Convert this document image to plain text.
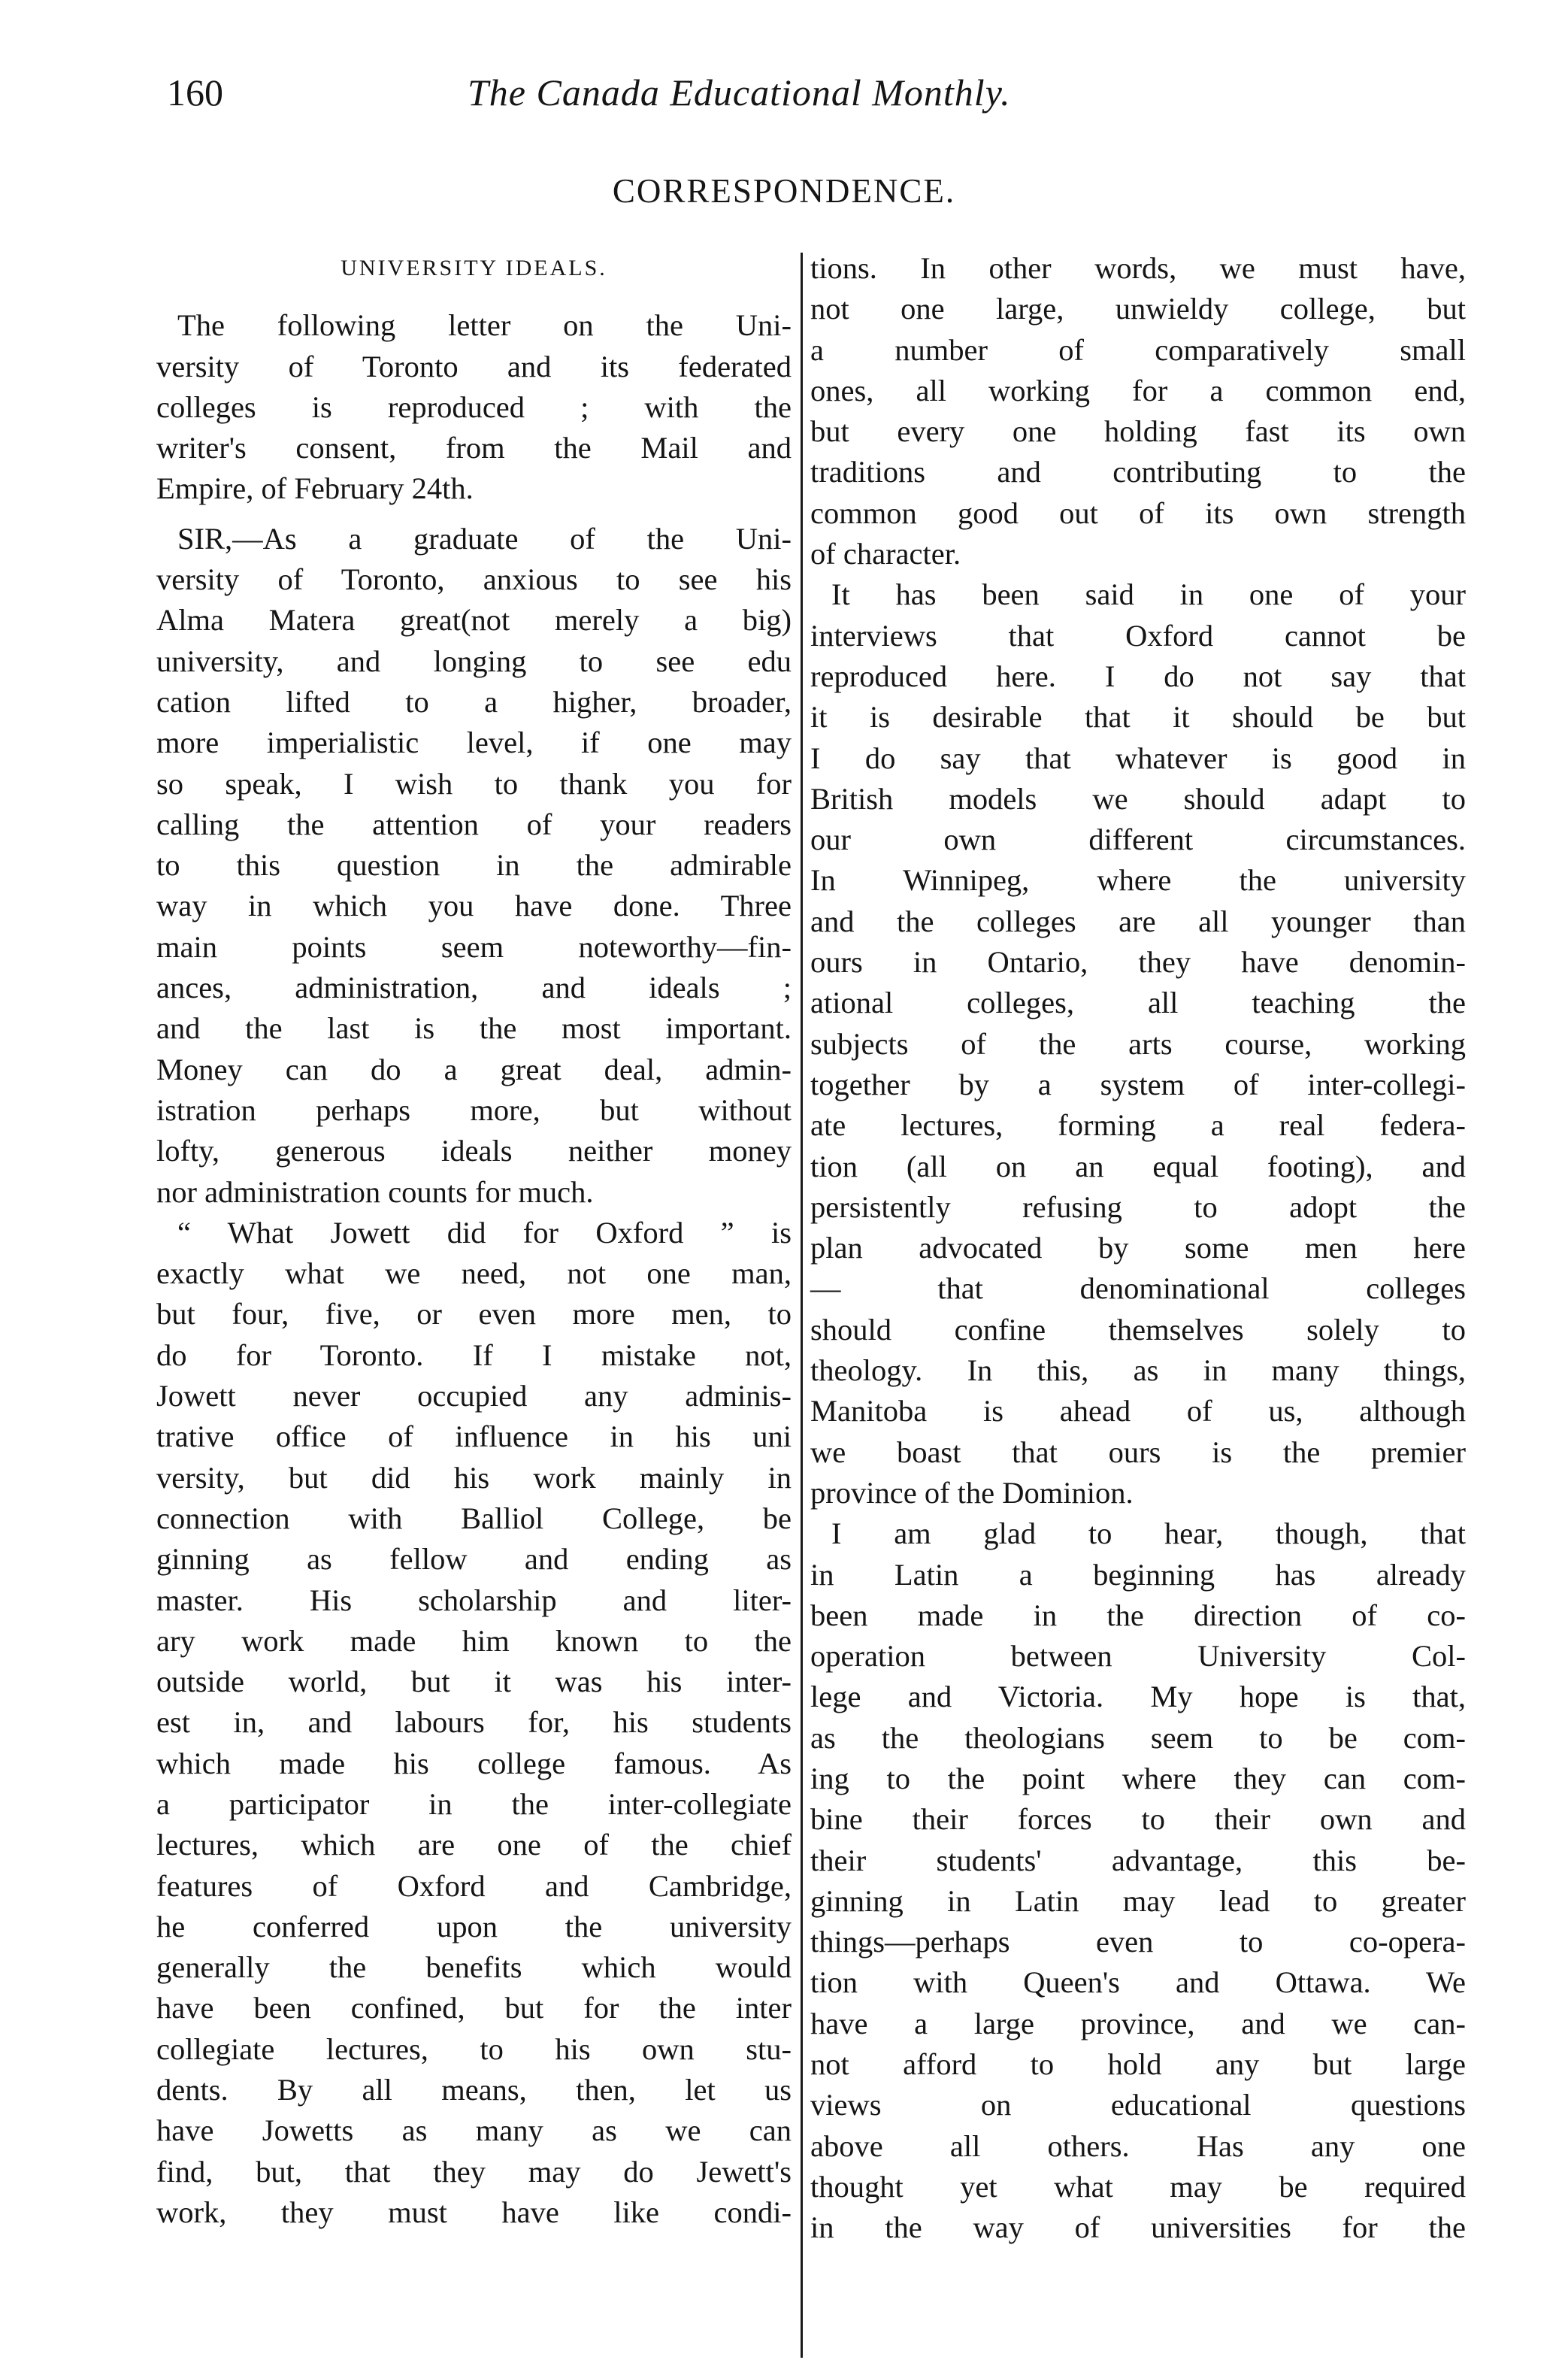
160	The Canada Educational Monthly.
CORRESPONDENCE.
UNIVERSITY IDEALS.
The following letter on the Uni-
versity of Toronto and its federated
colleges is reproduced ; with the
writer's consent, from the Mail and
Empire, of February 24th.
SIR,—As a graduate of the Uni-
versity of Toronto, anxious to see his
Alma Matera great(not merely a big)
university, and longing to see edu
cation lifted to a higher, broader,
more imperialistic level, if one may
so speak, I wish to thank you for
calling the attention of your readers
to this question in the admirable
way in which you have done. Three
main points seem noteworthy—fin-
ances, administration, and ideals ;
and the last is the most important.
Money can do a great deal, admin-
istration perhaps more, but without
lofty, generous ideals neither money
nor administration counts for much.
“ What Jowett did for Oxford ” is
exactly what we need, not one man,
but four, five, or even more men, to
do for Toronto. If I mistake not,
Jowett never occupied any adminis-
trative office of influence in his uni
versity, but did his work mainly in
connection with Balliol College, be
ginning as fellow and ending as
master. His scholarship and liter-
ary work made him known to the
outside world, but it was his inter-
est in, and labours for, his students
which made his college famous. As
a participator in the inter-collegiate
lectures, which are one of the chief
features of Oxford and Cambridge,
he conferred upon the university
generally the benefits which would
have been confined, but for the inter
collegiate lectures, to his own stu-
dents. By all means, then, let us
have Jowetts as many as we can
find, but, that they may do Jewett's
work, they must have like condi-
tions. In other words, we must have,
not one large, unwieldy college, but
a number of comparatively small
ones, all working for a common end,
but every one holding fast its own
traditions and contributing to the
common good out of its own strength
of character.
It has been said in one of your
interviews that Oxford cannot be
reproduced here. I do not say that
it is desirable that it should be but
I do say that whatever is good in
British models we should adapt to
our own different circumstances.
In Winnipeg, where the university
and the colleges are all younger than
ours in Ontario, they have denomin-
ational colleges, all teaching the
subjects of the arts course, working
together by a system of inter-collegi-
ate lectures, forming a real federa-
tion (all on an equal footing), and
persistently refusing to adopt the
plan advocated by some men here
— that denominational colleges
should confine themselves solely to
theology. In this, as in many things,
Manitoba is ahead of us, although
we boast that ours is the premier
province of the Dominion.
I am glad to hear, though, that
in Latin a beginning has already
been made in the direction of co-
operation between University Col-
lege and Victoria. My hope is that,
as the theologians seem to be com-
ing to the point where they can com-
bine their forces to their own and
their students' advantage, this be-
ginning in Latin may lead to greater
things—perhaps even to co-opera-
tion with Queen's and Ottawa. We
have a large province, and we can-
not afford to hold any but large
views on educational questions
above all others. Has any one
thought yet what may be required
in the way of universities for the
